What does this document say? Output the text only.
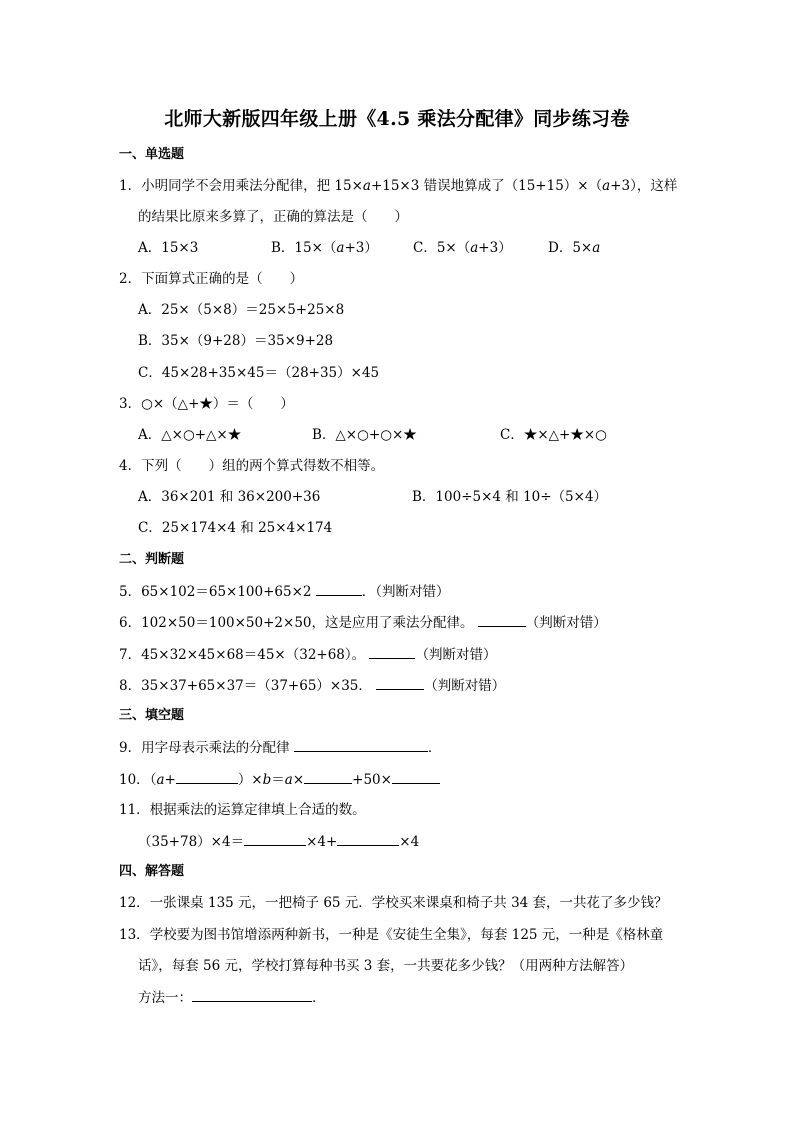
北师大新版四年级上册《4.5 乘法分配律》同步练习卷
一、单选题
1．小明同学不会用乘法分配律，把 15×a+15×3 错误地算成了（15+15）×（a+3），这样
的结果比原来多算了，正确的算法是（　　）
A．15×3	B．15×（a+3）	C．5×（a+3）	D．5×a
2．下面算式正确的是（　　）
A．25×（5×8）＝25×5+25×8
B．35×（9+28）＝35×9+28
C．45×28+35×45＝（28+35）×45
3．○×（△+★）＝（　　）
A．△×○+△×★	B．△×○+○×★	C．★×△+★×○
4．下列（　　）组的两个算式得数不相等。
A．36×201 和 36×200+36	B．100÷5×4 和 10÷（5×4）
C．25×174×4 和 25×4×174
二、判断题
5．65×102＝65×100+65×2	．（判断对错）
6．102×50＝100×50+2×50，这是应用了乘法分配律。	（判断对错）
7．45×32×45×68＝45×（32+68）。	（判断对错）
8．35×37+65×37＝（37+65）×35．	（判断对错）
三、填空题
9．用字母表示乘法的分配律	．
10．（a+	）×b＝a×	+50×
11．根据乘法的运算定律填上合适的数。
（35+78）×4＝	×4+	×4
四、解答题
12．一张课桌 135 元，一把椅子 65 元．学校买来课桌和椅子共 34 套，一共花了多少钱？
13．学校要为图书馆增添两种新书，一种是《安徒生全集》，每套 125 元，一种是《格林童
话》，每套 56 元，学校打算每种书买 3 套，一共要花多少钱？（用两种方法解答）
方法一：	．
